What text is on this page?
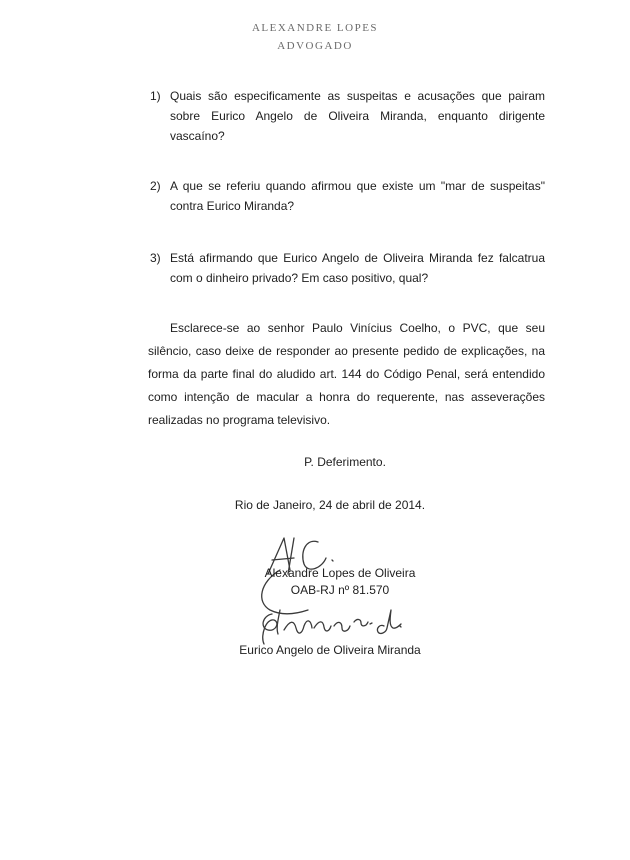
ALEXANDRE LOPES
ADVOGADO
1) Quais são especificamente as suspeitas e acusações que pairam sobre Eurico Angelo de Oliveira Miranda, enquanto dirigente vascaíno?
2) A que se referiu quando afirmou que existe um "mar de suspeitas" contra Eurico Miranda?
3) Está afirmando que Eurico Angelo de Oliveira Miranda fez falcatrua com o dinheiro privado? Em caso positivo, qual?
Esclarece-se ao senhor Paulo Vinícius Coelho, o PVC, que seu silêncio, caso deixe de responder ao presente pedido de explicações, na forma da parte final do aludido art. 144 do Código Penal, será entendido como intenção de macular a honra do requerente, nas asseverações realizadas no programa televisivo.
P. Deferimento.
Rio de Janeiro, 24 de abril de 2014.
Alexandre Lopes de Oliveira
OAB-RJ nº 81.570
Eurico Angelo de Oliveira Miranda
